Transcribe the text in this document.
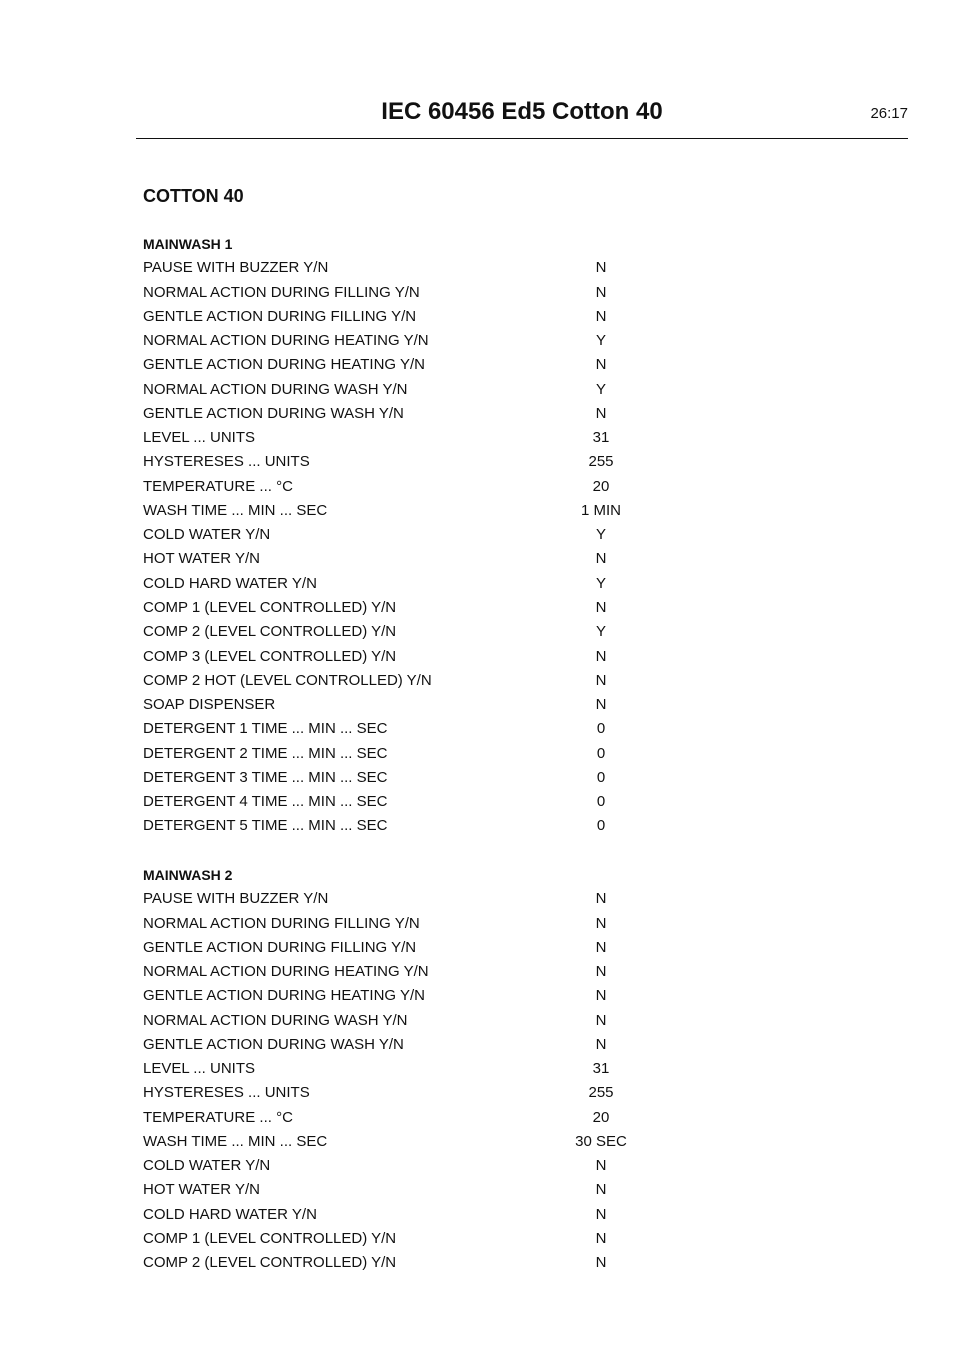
IEC 60456 Ed5 Cotton 40	26:17
COTTON 40
MAINWASH 1
PAUSE WITH BUZZER Y/N	N
NORMAL ACTION DURING FILLING Y/N	N
GENTLE ACTION DURING FILLING Y/N	N
NORMAL ACTION DURING HEATING Y/N	Y
GENTLE ACTION DURING HEATING Y/N	N
NORMAL ACTION DURING WASH Y/N	Y
GENTLE ACTION DURING WASH Y/N	N
LEVEL ... UNITS	31
HYSTERESES ... UNITS	255
TEMPERATURE ... °C	20
WASH TIME ... MIN ... SEC	1 MIN
COLD WATER Y/N	Y
HOT WATER Y/N	N
COLD HARD WATER Y/N	Y
COMP 1 (LEVEL CONTROLLED) Y/N	N
COMP 2 (LEVEL CONTROLLED) Y/N	Y
COMP 3 (LEVEL CONTROLLED) Y/N	N
COMP 2 HOT (LEVEL CONTROLLED) Y/N	N
SOAP DISPENSER	N
DETERGENT 1 TIME ... MIN ... SEC	0
DETERGENT 2 TIME ... MIN ... SEC	0
DETERGENT 3 TIME ... MIN ... SEC	0
DETERGENT 4 TIME ... MIN ... SEC	0
DETERGENT 5 TIME ... MIN ... SEC	0
MAINWASH 2
PAUSE WITH BUZZER Y/N	N
NORMAL ACTION DURING FILLING Y/N	N
GENTLE ACTION DURING FILLING Y/N	N
NORMAL ACTION DURING HEATING Y/N	N
GENTLE ACTION DURING HEATING Y/N	N
NORMAL ACTION DURING WASH Y/N	N
GENTLE ACTION DURING WASH Y/N	N
LEVEL ... UNITS	31
HYSTERESES ... UNITS	255
TEMPERATURE ... °C	20
WASH TIME ... MIN ... SEC	30 SEC
COLD WATER Y/N	N
HOT WATER Y/N	N
COLD HARD WATER Y/N	N
COMP 1 (LEVEL CONTROLLED) Y/N	N
COMP 2 (LEVEL CONTROLLED) Y/N	N
